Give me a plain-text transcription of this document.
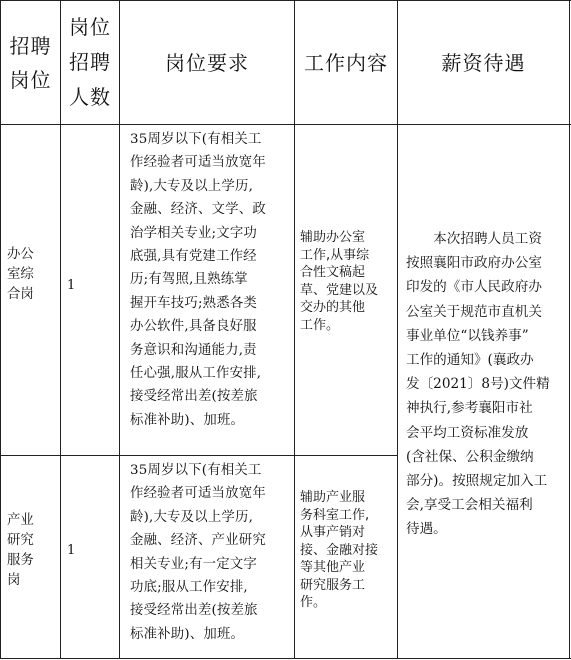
招聘
岗位
岗位
招聘
人数
岗位要求	工作内容	薪资待遇
办公
室综
合岗
1
35周岁以下(有相关工
作经验者可适当放宽年
龄),大专及以上学历,
金融、经济、文学、政
治学相关专业;文字功
底强,具有党建工作经
历;有驾照,且熟练掌
握开车技巧;熟悉各类
办公软件,具备良好服
务意识和沟通能力,责
任心强,服从工作安排,
接受经常出差(按差旅
标准补助)、加班。
辅助办公室
工作,从事综
合性文稿起
草、党建以及
交办的其他
工作。
产业
研究
服务
岗
1
35周岁以下(有相关工
作经验者可适当放宽年
龄),大专及以上学历,
金融、经济、产业研究
相关专业;有一定文字
功底;服从工作安排,
接受经常出差(按差旅
标准补助)、加班。
辅助产业服
务科室工作,
从事产销对
接、金融对接
等其他产业
研究服务工
作。
　　本次招聘人员工资
按照襄阳市政府办公室
印发的《市人民政府办
公室关于规范市直机关
事业单位“以钱养事”
工作的通知》(襄政办
发〔2021〕8号)文件精
神执行,参考襄阳市社
会平均工资标准发放
(含社保、公积金缴纳
部分)。按照规定加入工
会,享受工会相关福利
待遇。
